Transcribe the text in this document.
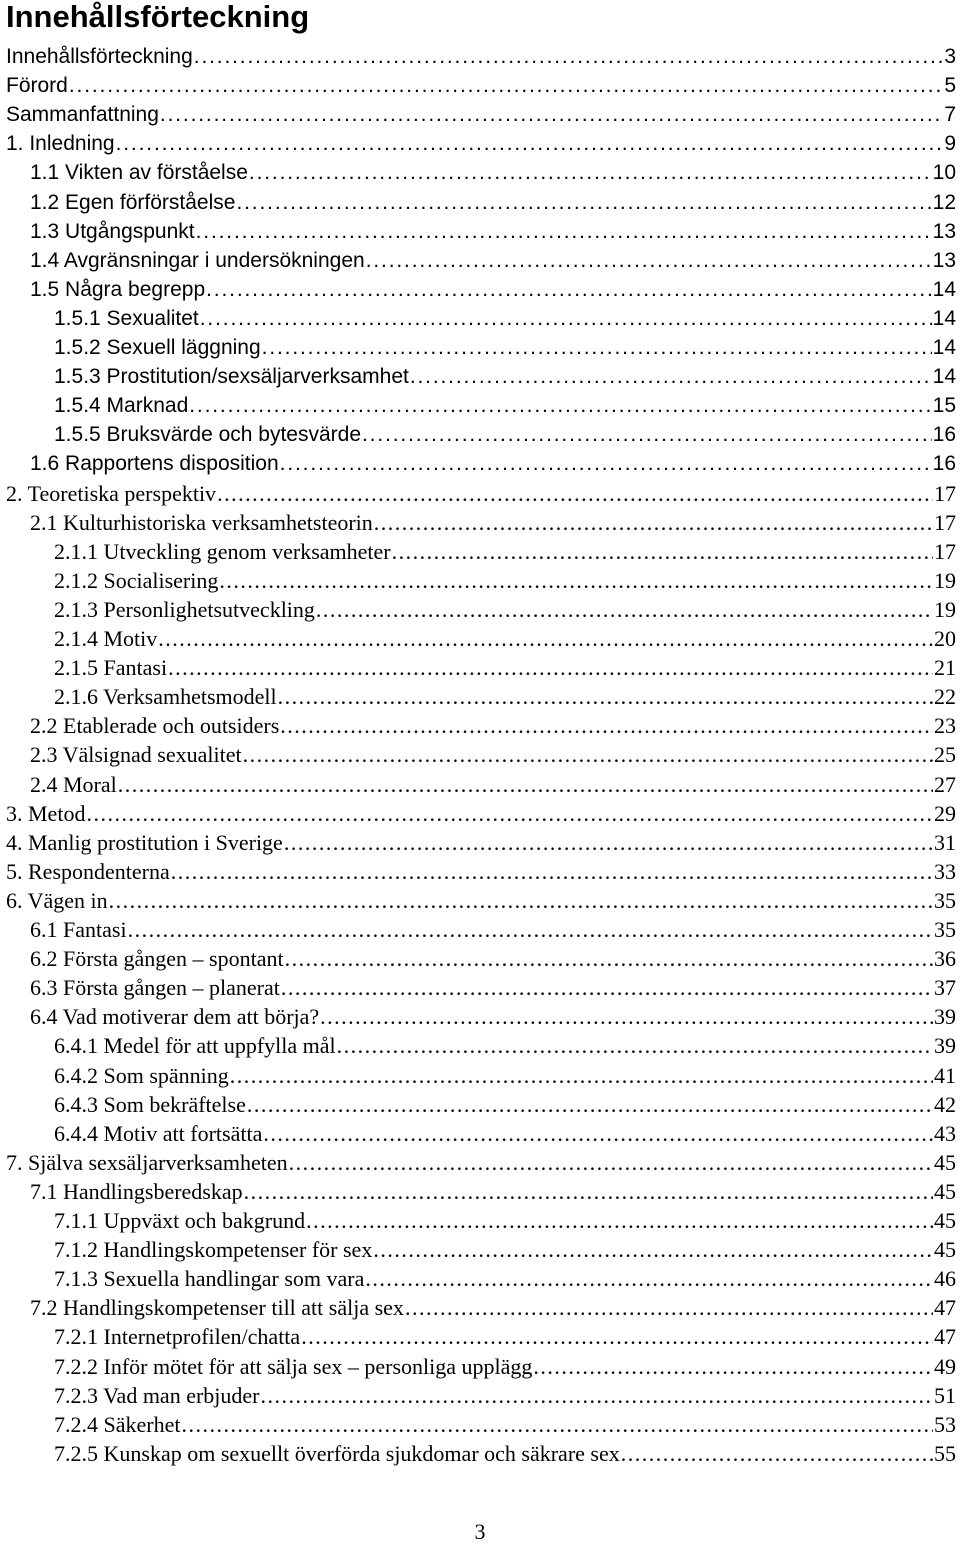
Innehållsförteckning
Innehållsförteckning . . .	3
Förord . . .	5
Sammanfattning . . .	7
1. Inledning . . .	9
1.1 Vikten av förståelse . . .	10
1.2 Egen förförståelse . . .	12
1.3 Utgångspunkt . . .	13
1.4 Avgränsningar i undersökningen . . .	13
1.5 Några begrepp . . .	14
1.5.1 Sexualitet . . .	14
1.5.2 Sexuell läggning . . .	14
1.5.3 Prostitution/sexsäljarverksamhet . . .	14
1.5.4 Marknad . . .	15
1.5.5 Bruksvärde och bytesvärde . . .	16
1.6 Rapportens disposition . . .	16
2. Teoretiska perspektiv . . .	17
2.1 Kulturhistoriska verksamhetsteorin . . .	17
2.1.1 Utveckling genom verksamheter . . .	17
2.1.2 Socialisering . . .	19
2.1.3 Personlighetsutveckling . . .	19
2.1.4 Motiv . . .	20
2.1.5 Fantasi . . .	21
2.1.6 Verksamhetsmodell . . .	22
2.2 Etablerade och outsiders . . .	23
2.3 Välsignad sexualitet . . .	25
2.4 Moral . . .	27
3. Metod . . .	29
4. Manlig prostitution i Sverige . . .	31
5. Respondenterna . . .	33
6. Vägen in . . .	35
6.1 Fantasi . . .	35
6.2 Första gången – spontant . . .	36
6.3 Första gången – planerat . . .	37
6.4 Vad motiverar dem att börja? . . .	39
6.4.1 Medel för att uppfylla mål . . .	39
6.4.2 Som spänning . . .	41
6.4.3 Som bekräftelse . . .	42
6.4.4 Motiv att fortsätta . . .	43
7. Själva sexsäljarverksamheten . . .	45
7.1 Handlingsberedskap . . .	45
7.1.1 Uppväxt och bakgrund . . .	45
7.1.2 Handlingskompetenser för sex . . .	45
7.1.3 Sexuella handlingar som vara . . .	46
7.2 Handlingskompetenser till att sälja sex . . .	47
7.2.1 Internetprofilen/chatta . . .	47
7.2.2 Inför mötet för att sälja sex – personliga upplägg . . .	49
7.2.3 Vad man erbjuder . . .	51
7.2.4 Säkerhet . . .	53
7.2.5 Kunskap om sexuellt överförda sjukdomar och säkrare sex . . .	55
3
